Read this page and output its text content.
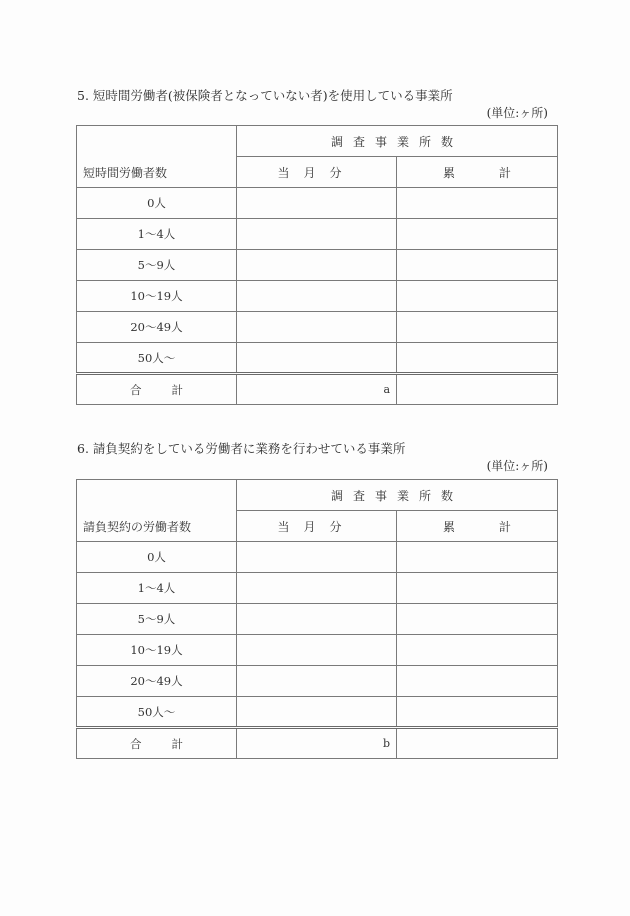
5. 短時間労働者(被保険者となっていない者)を使用している事業所
(単位:ヶ所)
短時間労働者数	調査事業所数	
	当月分	累計
0人		
1〜4人		
5〜9人		
10〜19人		
20〜49人		
50人〜		
合計	a	
6. 請負契約をしている労働者に業務を行わせている事業所
(単位:ヶ所)
請負契約の労働者数	調査事業所数	
	当月分	累計
0人		
1〜4人		
5〜9人		
10〜19人		
20〜49人		
50人〜		
合計	b	
